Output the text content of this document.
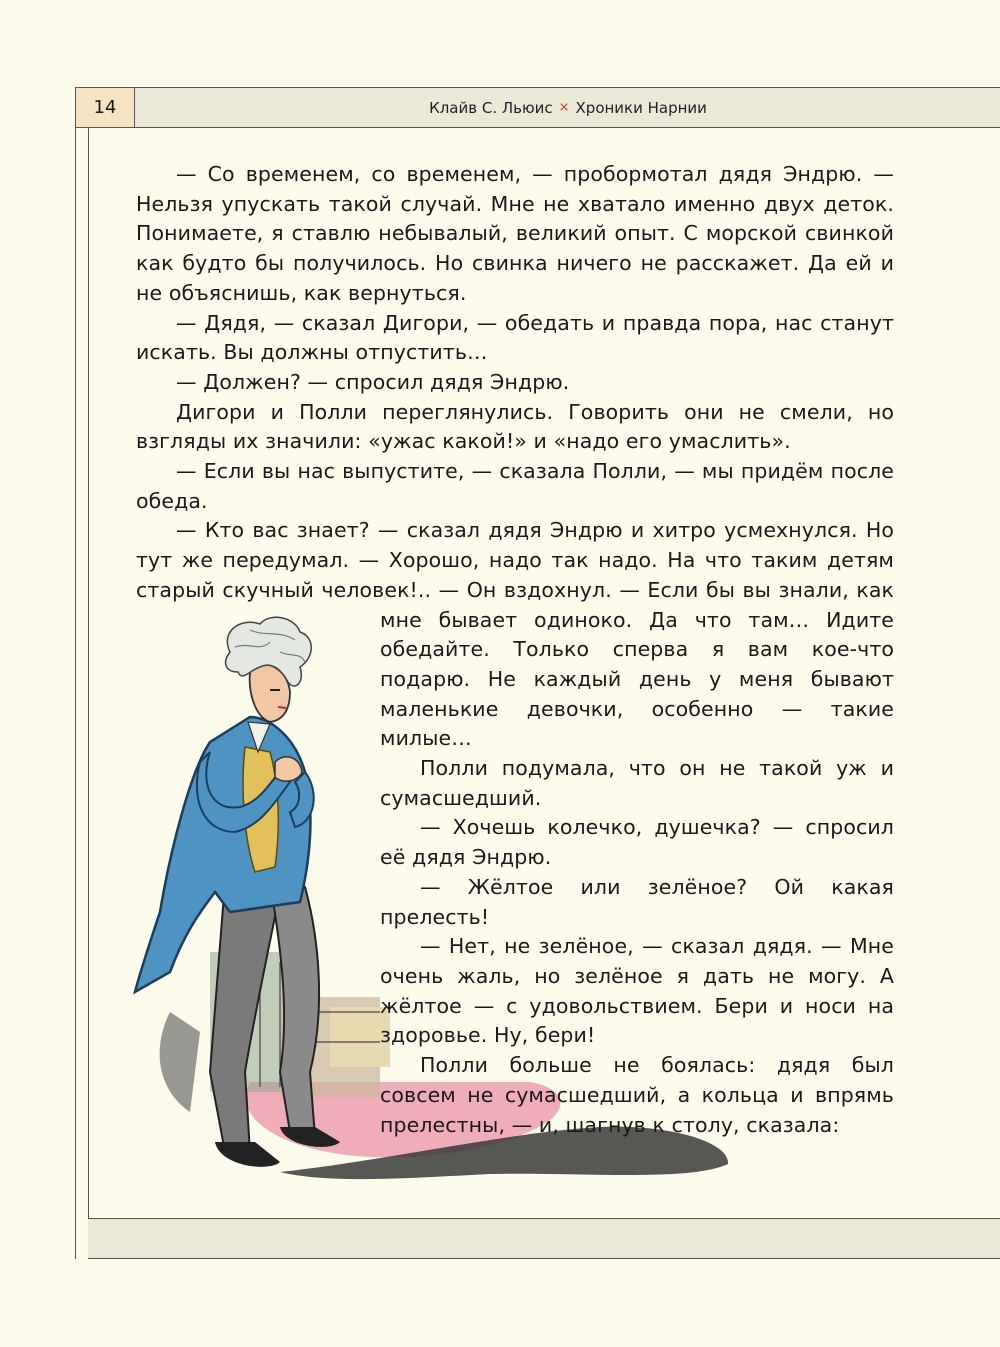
14	Клайв С. Льюис ⨯ Хроники Нарнии

— Со временем, со временем, — пробормотал дядя Эндрю. — Нельзя упускать такой случай. Мне не хватало именно двух деток. Понимаете, я ставлю небывалый, великий опыт. С морской свинкой как будто бы получилось. Но свинка ничего не расскажет. Да ей и не объяснишь, как вернуться.

— Дядя, — сказал Дигори, — обедать и правда пора, нас станут искать. Вы должны отпустить…

— Должен? — спросил дядя Эндрю.

Дигори и Полли переглянулись. Говорить они не смели, но взгляды их значили: «ужас какой!» и «надо его умаслить».

— Если вы нас выпустите, — сказала Полли, — мы придём после обеда.

— Кто вас знает? — сказал дядя Эндрю и хитро усмехнулся. Но тут же передумал. — Хорошо, надо так надо. На что таким детям старый скучный человек!.. — Он вздохнул. — Если бы вы знали, как мне бывает одиноко. Да что там… Идите обедайте. Только сперва я вам кое-что подарю. Не каждый день у меня бывают маленькие девочки, особенно — такие милые…

Полли подумала, что он не такой уж и сумасшедший.

— Хочешь колечко, душечка? — спросил её дядя Эндрю.

— Жёлтое или зелёное? Ой какая прелесть!

— Нет, не зелёное, — сказал дядя. — Мне очень жаль, но зелёное я дать не могу. А жёлтое — с удовольствием. Бери и носи на здоровье. Ну, бери!

Полли больше не боялась: дядя был совсем не сумасшедший, а кольца и впрямь прелестны, — и, шагнув к столу, сказала:
